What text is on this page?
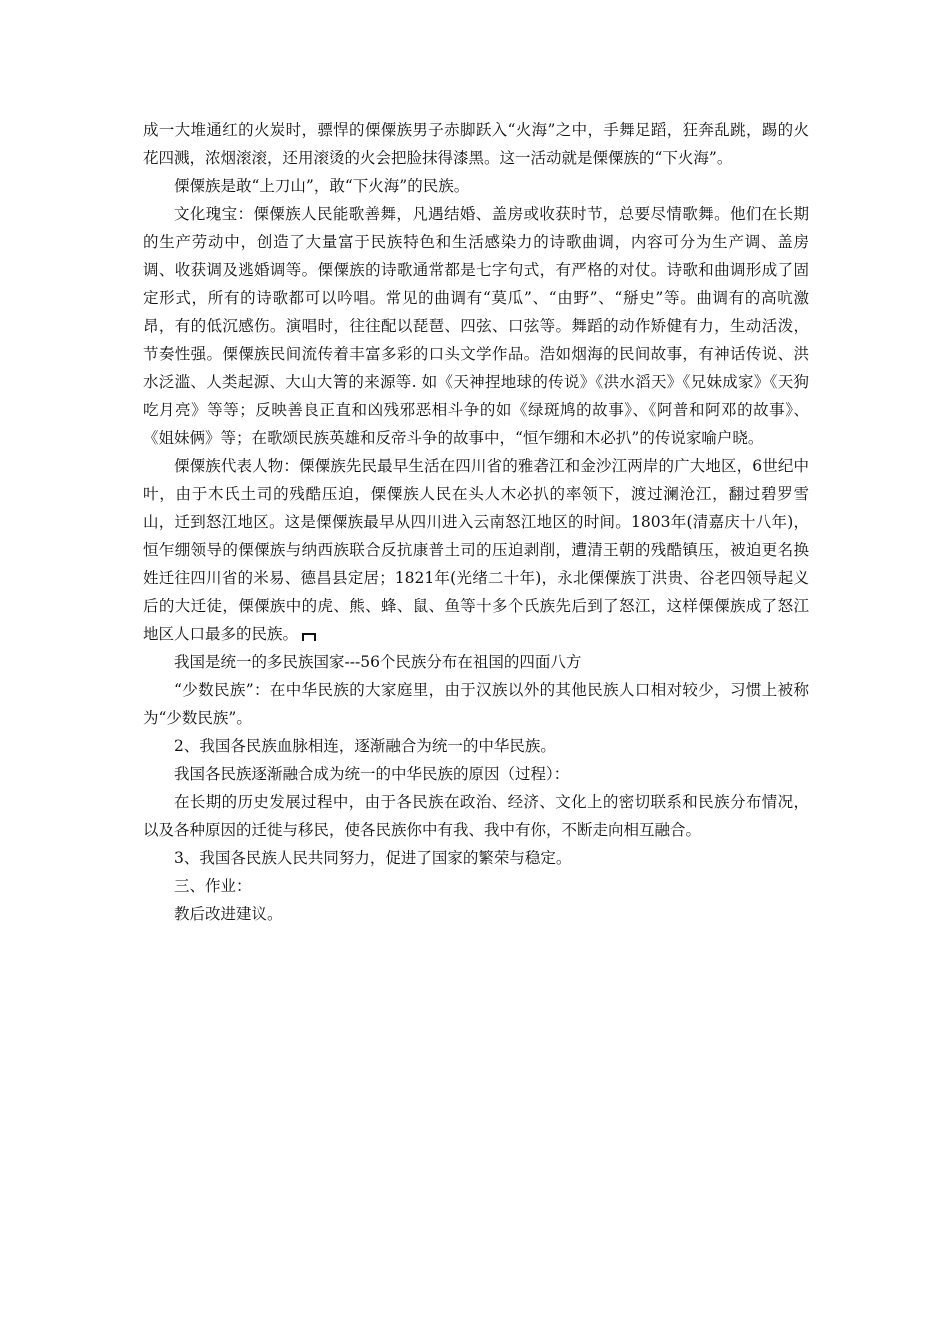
成一大堆通红的火炭时，骠悍的傈僳族男子赤脚跃入“火海”之中，手舞足蹈，狂奔乱跳，踢的火花四溅，浓烟滚滚，还用滚烫的火会把脸抹得漆黑。这一活动就是傈僳族的“下火海”。

傈僳族是敢“上刀山”，敢“下火海”的民族。

文化瑰宝：傈僳族人民能歌善舞，凡遇结婚、盖房或收获时节，总要尽情歌舞。他们在长期的生产劳动中，创造了大量富于民族特色和生活感染力的诗歌曲调，内容可分为生产调、盖房调、收获调及逃婚调等。傈僳族的诗歌通常都是七字句式，有严格的对仗。诗歌和曲调形成了固定形式，所有的诗歌都可以吟唱。常见的曲调有“莫瓜”、“由野”、“掰史”等。曲调有的高吭激昂，有的低沉感伤。演唱时，往往配以琵琶、四弦、口弦等。舞蹈的动作矫健有力，生动活泼，节奏性强。傈僳族民间流传着丰富多彩的口头文学作品。浩如烟海的民间故事，有神话传说、洪水泛滥、人类起源、大山大箐的来源等. 如《天神捏地球的传说》《洪水滔天》《兄妹成家》《天狗吃月亮》等等；反映善良正直和凶残邪恶相斗争的如《绿斑鸠的故事》、《阿普和阿邓的故事》、《姐妹俩》等；在歌颂民族英雄和反帝斗争的故事中，“恒乍绷和木必扒”的传说家喻户晓。

傈僳族代表人物：傈僳族先民最早生活在四川省的雅砻江和金沙江两岸的广大地区，6世纪中叶，由于木氏土司的残酷压迫，傈僳族人民在头人木必扒的率领下，渡过澜沧江，翻过碧罗雪山，迁到怒江地区。这是傈僳族最早从四川进入云南怒江地区的时间。1803年(清嘉庆十八年)，恒乍绷领导的傈僳族与纳西族联合反抗康普土司的压迫剥削，遭清王朝的残酷镇压，被迫更名换姓迁往四川省的米易、德昌县定居；1821年(光绪二十年)，永北傈僳族丁洪贵、谷老四领导起义后的大迁徒，傈僳族中的虎、熊、蜂、鼠、鱼等十多个氏族先后到了怒江，这样傈僳族成了怒江地区人口最多的民族。

我国是统一的多民族国家---56个民族分布在祖国的四面八方

“少数民族”：在中华民族的大家庭里，由于汉族以外的其他民族人口相对较少，习惯上被称为“少数民族”。

2、我国各民族血脉相连，逐渐融合为统一的中华民族。

我国各民族逐渐融合成为统一的中华民族的原因（过程）：

在长期的历史发展过程中，由于各民族在政治、经济、文化上的密切联系和民族分布情况，以及各种原因的迁徙与移民，使各民族你中有我、我中有你，不断走向相互融合。

3、我国各民族人民共同努力，促进了国家的繁荣与稳定。

三、作业：

教后改进建议。
